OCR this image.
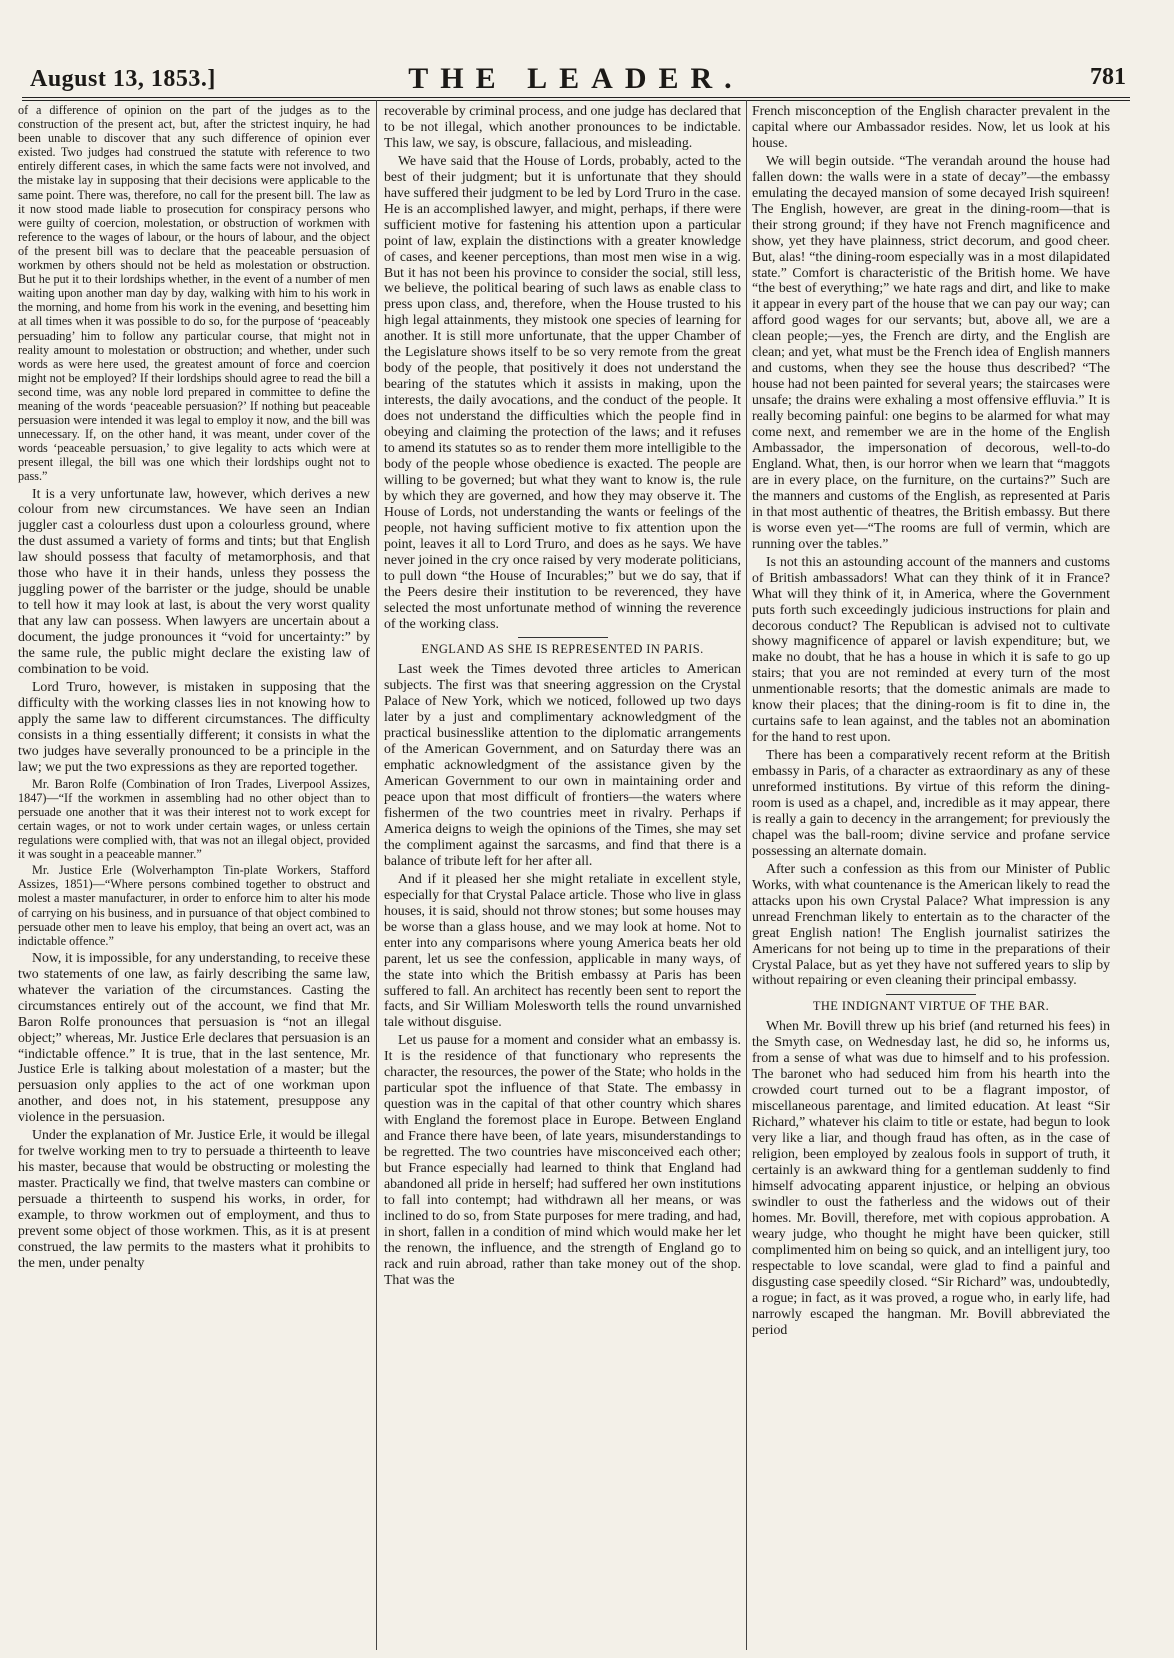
August 13, 1853.]	THE LEADER.	781

of a difference of opinion on the part of the judges as to the construction of the present act, but, after the strictest inquiry, he had been unable to discover that any such difference of opinion ever existed. Two judges had construed the statute with reference to two entirely different cases, in which the same facts were not involved, and the mistake lay in supposing that their decisions were applicable to the same point. There was, therefore, no call for the present bill. The law as it now stood made liable to prosecution for conspiracy persons who were guilty of coercion, molestation, or obstruction of workmen with reference to the wages of labour, or the hours of labour, and the object of the present bill was to declare that the peaceable persuasion of workmen by others should not be held as molestation or obstruction. But he put it to their lordships whether, in the event of a number of men waiting upon another man day by day, walking with him to his work in the morning, and home from his work in the evening, and besetting him at all times when it was possible to do so, for the purpose of ‘peaceably persuading’ him to follow any particular course, that might not in reality amount to molestation or obstruction; and whether, under such words as were here used, the greatest amount of force and coercion might not be employed? If their lordships should agree to read the bill a second time, was any noble lord prepared in committee to define the meaning of the words ‘peaceable persuasion?’ If nothing but peaceable persuasion were intended it was legal to employ it now, and the bill was unnecessary. If, on the other hand, it was meant, under cover of the words ‘peaceable persuasion,’ to give legality to acts which were at present illegal, the bill was one which their lordships ought not to pass.”

It is a very unfortunate law, however, which derives a new colour from new circumstances. We have seen an Indian juggler cast a colourless dust upon a colourless ground, where the dust assumed a variety of forms and tints; but that English law should possess that faculty of metamorphosis, and that those who have it in their hands, unless they possess the juggling power of the barrister or the judge, should be unable to tell how it may look at last, is about the very worst quality that any law can possess. When lawyers are uncertain about a document, the judge pronounces it “void for uncertainty:” by the same rule, the public might declare the existing law of combination to be void.

Lord Truro, however, is mistaken in supposing that the difficulty with the working classes lies in not knowing how to apply the same law to different circumstances. The difficulty consists in a thing essentially different; it consists in what the two judges have severally pronounced to be a principle in the law; we put the two expressions as they are reported together.

Mr. Baron Rolfe (Combination of Iron Trades, Liverpool Assizes, 1847)—“If the workmen in assembling had no other object than to persuade one another that it was their interest not to work except for certain wages, or not to work under certain wages, or unless certain regulations were complied with, that was not an illegal object, provided it was sought in a peaceable manner.”

Mr. Justice Erle (Wolverhampton Tin-plate Workers, Stafford Assizes, 1851)—“Where persons combined together to obstruct and molest a master manufacturer, in order to enforce him to alter his mode of carrying on his business, and in pursuance of that object combined to persuade other men to leave his employ, that being an overt act, was an indictable offence.”

Now, it is impossible, for any understanding, to receive these two statements of one law, as fairly describing the same law, whatever the variation of the circumstances. Casting the circumstances entirely out of the account, we find that Mr. Baron Rolfe pronounces that persuasion is “not an illegal object;” whereas, Mr. Justice Erle declares that persuasion is an “indictable offence.” It is true, that in the last sentence, Mr. Justice Erle is talking about molestation of a master; but the persuasion only applies to the act of one workman upon another, and does not, in his statement, presuppose any violence in the persuasion.

Under the explanation of Mr. Justice Erle, it would be illegal for twelve working men to try to persuade a thirteenth to leave his master, because that would be obstructing or molesting the master. Practically we find, that twelve masters can combine or persuade a thirteenth to suspend his works, in order, for example, to throw workmen out of employment, and thus to prevent some object of those workmen. This, as it is at present construed, the law permits to the masters what it prohibits to the men, under penalty

recoverable by criminal process, and one judge has declared that to be not illegal, which another pronounces to be indictable. This law, we say, is obscure, fallacious, and misleading.

We have said that the House of Lords, probably, acted to the best of their judgment; but it is unfortunate that they should have suffered their judgment to be led by Lord Truro in the case. He is an accomplished lawyer, and might, perhaps, if there were sufficient motive for fastening his attention upon a particular point of law, explain the distinctions with a greater knowledge of cases, and keener perceptions, than most men wise in a wig. But it has not been his province to consider the social, still less, we believe, the political bearing of such laws as enable class to press upon class, and, therefore, when the House trusted to his high legal attainments, they mistook one species of learning for another. It is still more unfortunate, that the upper Chamber of the Legislature shows itself to be so very remote from the great body of the people, that positively it does not understand the bearing of the statutes which it assists in making, upon the interests, the daily avocations, and the conduct of the people. It does not understand the difficulties which the people find in obeying and claiming the protection of the laws; and it refuses to amend its statutes so as to render them more intelligible to the body of the people whose obedience is exacted. The people are willing to be governed; but what they want to know is, the rule by which they are governed, and how they may observe it. The House of Lords, not understanding the wants or feelings of the people, not having sufficient motive to fix attention upon the point, leaves it all to Lord Truro, and does as he says. We have never joined in the cry once raised by very moderate politicians, to pull down “the House of Incurables;” but we do say, that if the Peers desire their institution to be reverenced, they have selected the most unfortunate method of winning the reverence of the working class.

ENGLAND AS SHE IS REPRESENTED IN PARIS.

Last week the Times devoted three articles to American subjects. The first was that sneering aggression on the Crystal Palace of New York, which we noticed, followed up two days later by a just and complimentary acknowledgment of the practical businesslike attention to the diplomatic arrangements of the American Government, and on Saturday there was an emphatic acknowledgment of the assistance given by the American Government to our own in maintaining order and peace upon that most difficult of frontiers—the waters where fishermen of the two countries meet in rivalry. Perhaps if America deigns to weigh the opinions of the Times, she may set the compliment against the sarcasms, and find that there is a balance of tribute left for her after all.

And if it pleased her she might retaliate in excellent style, especially for that Crystal Palace article. Those who live in glass houses, it is said, should not throw stones; but some houses may be worse than a glass house, and we may look at home. Not to enter into any comparisons where young America beats her old parent, let us see the confession, applicable in many ways, of the state into which the British embassy at Paris has been suffered to fall. An architect has recently been sent to report the facts, and Sir William Molesworth tells the round unvarnished tale without disguise.

Let us pause for a moment and consider what an embassy is. It is the residence of that functionary who represents the character, the resources, the power of the State; who holds in the particular spot the influence of that State. The embassy in question was in the capital of that other country which shares with England the foremost place in Europe. Between England and France there have been, of late years, misunderstandings to be regretted. The two countries have misconceived each other; but France especially had learned to think that England had abandoned all pride in herself; had suffered her own institutions to fall into contempt; had withdrawn all her means, or was inclined to do so, from State purposes for mere trading, and had, in short, fallen in a condition of mind which would make her let the renown, the influence, and the strength of England go to rack and ruin abroad, rather than take money out of the shop. That was the

French misconception of the English character prevalent in the capital where our Ambassador resides. Now, let us look at his house.

We will begin outside. “The verandah around the house had fallen down: the walls were in a state of decay”—the embassy emulating the decayed mansion of some decayed Irish squireen! The English, however, are great in the dining-room—that is their strong ground; if they have not French magnificence and show, yet they have plainness, strict decorum, and good cheer. But, alas! “the dining-room especially was in a most dilapidated state.” Comfort is characteristic of the British home. We have “the best of everything;” we hate rags and dirt, and like to make it appear in every part of the house that we can pay our way; can afford good wages for our servants; but, above all, we are a clean people;—yes, the French are dirty, and the English are clean; and yet, what must be the French idea of English manners and customs, when they see the house thus described? “The house had not been painted for several years; the staircases were unsafe; the drains were exhaling a most offensive effluvia.” It is really becoming painful: one begins to be alarmed for what may come next, and remember we are in the home of the English Ambassador, the impersonation of decorous, well-to-do England. What, then, is our horror when we learn that “maggots are in every place, on the furniture, on the curtains?” Such are the manners and customs of the English, as represented at Paris in that most authentic of theatres, the British embassy. But there is worse even yet—“The rooms are full of vermin, which are running over the tables.”

Is not this an astounding account of the manners and customs of British ambassadors! What can they think of it in France? What will they think of it, in America, where the Government puts forth such exceedingly judicious instructions for plain and decorous conduct? The Republican is advised not to cultivate showy magnificence of apparel or lavish expenditure; but, we make no doubt, that he has a house in which it is safe to go up stairs; that you are not reminded at every turn of the most unmentionable resorts; that the domestic animals are made to know their places; that the dining-room is fit to dine in, the curtains safe to lean against, and the tables not an abomination for the hand to rest upon.

There has been a comparatively recent reform at the British embassy in Paris, of a character as extraordinary as any of these unreformed institutions. By virtue of this reform the dining-room is used as a chapel, and, incredible as it may appear, there is really a gain to decency in the arrangement; for previously the chapel was the ball-room; divine service and profane service possessing an alternate domain.

After such a confession as this from our Minister of Public Works, with what countenance is the American likely to read the attacks upon his own Crystal Palace? What impression is any unread Frenchman likely to entertain as to the character of the great English nation! The English journalist satirizes the Americans for not being up to time in the preparations of their Crystal Palace, but as yet they have not suffered years to slip by without repairing or even cleaning their principal embassy.

THE INDIGNANT VIRTUE OF THE BAR.

When Mr. Bovill threw up his brief (and returned his fees) in the Smyth case, on Wednesday last, he did so, he informs us, from a sense of what was due to himself and to his profession. The baronet who had seduced him from his hearth into the crowded court turned out to be a flagrant impostor, of miscellaneous parentage, and limited education. At least “Sir Richard,” whatever his claim to title or estate, had begun to look very like a liar, and though fraud has often, as in the case of religion, been employed by zealous fools in support of truth, it certainly is an awkward thing for a gentleman suddenly to find himself advocating apparent injustice, or helping an obvious swindler to oust the fatherless and the widows out of their homes. Mr. Bovill, therefore, met with copious approbation. A weary judge, who thought he might have been quicker, still complimented him on being so quick, and an intelligent jury, too respectable to love scandal, were glad to find a painful and disgusting case speedily closed. “Sir Richard” was, undoubtedly, a rogue; in fact, as it was proved, a rogue who, in early life, had narrowly escaped the hangman. Mr. Bovill abbreviated the period
